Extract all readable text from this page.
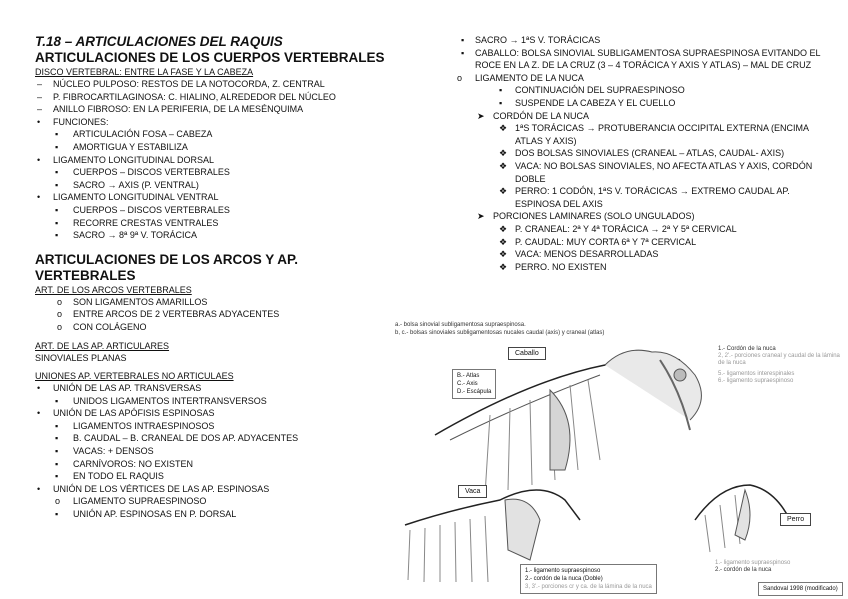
T.18 – ARTICULACIONES DEL RAQUIS
ARTICULACIONES DE LOS CUERPOS VERTEBRALES
DISCO VERTEBRAL: ENTRE LA FASE Y LA CABEZA
– NÚCLEO PULPOSO: RESTOS DE LA NOTOCORDA, Z. CENTRAL
– P. FIBROCARTILAGINOSA: C. HIALINO, ALREDEDOR DEL NÚCLEO
– ANILLO FIBROSO: EN LA PERIFERIA, DE LA MESÉNQUIMA
• FUNCIONES:
▪ ARTICULACIÓN FOSA – CABEZA
▪ AMORTIGUA Y ESTABILIZA
• LIGAMENTO LONGITUDINAL DORSAL
▪ CUERPOS – DISCOS VERTEBRALES
▪ SACRO → AXIS (P. VENTRAL)
• LIGAMENTO LONGITUDINAL VENTRAL
▪ CUERPOS – DISCOS VERTEBRALES
▪ RECORRE CRESTAS VENTRALES
▪ SACRO → 8ª 9ª V. TORÁCICA
ARTICULACIONES DE LOS ARCOS Y AP. VERTEBRALES
ART. DE LOS ARCOS VERTEBRALES
o SON LIGAMENTOS AMARILLOS
o ENTRE ARCOS DE 2 VERTEBRAS ADYACENTES
o CON COLÁGENO
ART. DE LAS AP. ARTICULARES
SINOVIALES PLANAS
UNIONES AP. VERTEBRALES NO ARTICULAES
• UNIÓN DE LAS AP. TRANSVERSAS
▪ UNIDOS LIGAMENTOS INTERTRANSVERSOS
• UNIÓN DE LAS APÓFISIS ESPINOSAS
▪ LIGAMENTOS INTRAESPINOSOS
▪ B. CAUDAL – B. CRANEAL DE DOS AP. ADYACENTES
▪ VACAS: + DENSOS
▪ CARNÍVOROS: NO EXISTEN
▪ EN TODO EL RAQUIS
• UNIÓN DE LOS VÉRTICES DE LAS AP. ESPINOSAS
o LIGAMENTO SUPRAESPINOSO
▪ UNIÓN AP. ESPINOSAS EN P. DORSAL
▪ SACRO → 1ªS V. TORÁCICAS
▪ CABALLO: BOLSA SINOVIAL SUBLIGAMENTOSA SUPRAESPINOSA EVITANDO EL ROCE EN LA Z. DE LA CRUZ (3 – 4 TORÁCICA Y AXIS Y ATLAS) – MAL DE CRUZ
o LIGAMENTO DE LA NUCA
▪ CONTINUACIÓN DEL SUPRAESPINOSO
▪ SUSPENDE LA CABEZA Y EL CUELLO
➤ CORDÓN DE LA NUCA
❖ 1ªS TORÁCICAS → PROTUBERANCIA OCCIPITAL EXTERNA (ENCIMA ATLAS Y AXIS)
❖ DOS BOLSAS SINOVIALES (CRANEAL – ATLAS, CAUDAL- AXIS)
❖ VACA: NO BOLSAS SINOVIALES, NO AFECTA ATLAS Y AXIS, CORDÓN DOBLE
❖ PERRO: 1 CODÓN, 1ªS V. TORÁCICAS → EXTREMO CAUDAL AP. ESPINOSA DEL AXIS
➤ PORCIONES LAMINARES (SOLO UNGULADOS)
❖ P. CRANEAL: 2ª Y 4ª TORÁCICA → 2ª Y 5ª CERVICAL
❖ P. CAUDAL: MUY CORTA 6ª Y 7ª CERVICAL
❖ VACA: MENOS DESARROLLADAS
❖ PERRO. NO EXISTEN
a.- bolsa sinovial subligamentosa supraespinosa.
b, c.- bolsas sinoviales subligamentosas nucales caudal (axis) y craneal (atlas)
Caballo
Vaca
Perro
B.- Atlas
C.- Axis
D.- Escápula
1.- Cordón de la nuca
2, 2'.- porciones craneal y caudal de la lámina de la nuca
5.- ligamentos interespinales
6.- ligamento supraespinoso
1.- ligamento supraespinoso
2.- cordón de la nuca (Doble)
3, 3'.- porciones cr y ca. de la lámina de la nuca
1.- ligamento supraespinoso
2.- cordón de la nuca
Sandoval 1998 (modificado)
